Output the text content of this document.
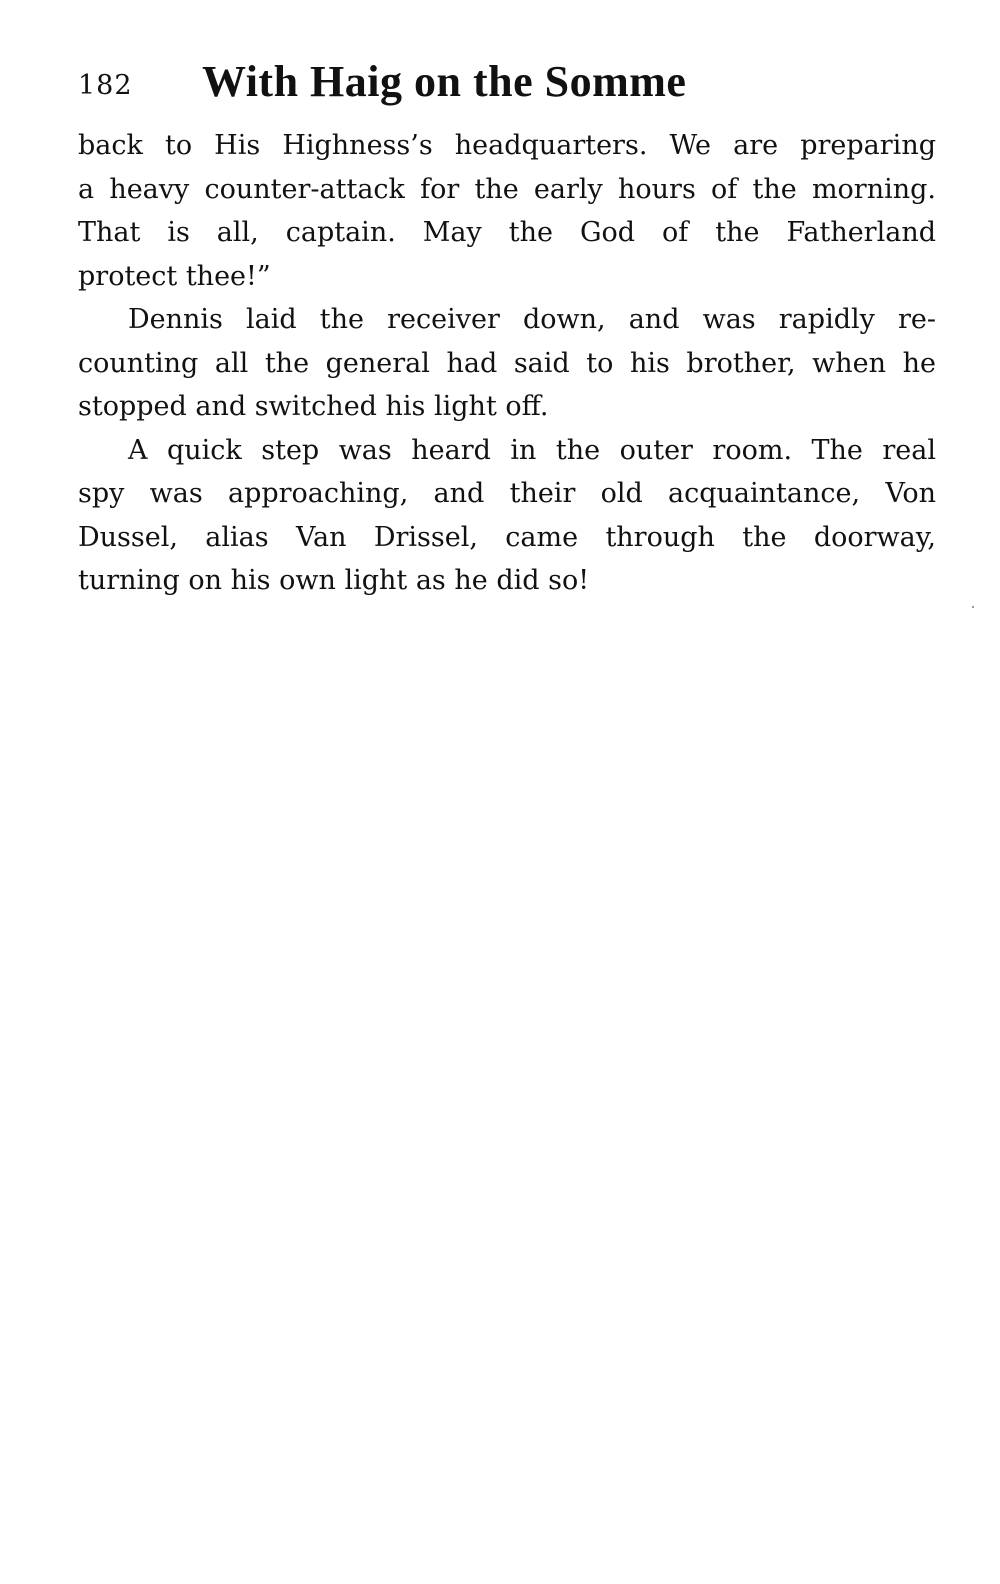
182 With Haig on the Somme
back to His Highness’s headquarters. We are preparing
a heavy counter-attack for the early hours of the morning.
That is all, captain. May the God of the Fatherland
protect thee!”
Dennis laid the receiver down, and was rapidly re-
counting all the general had said to his brother, when he
stopped and switched his light off.
A quick step was heard in the outer room. The real
spy was approaching, and their old acquaintance, Von
Dussel, alias Van Drissel, came through the doorway,
turning on his own light as he did so!
